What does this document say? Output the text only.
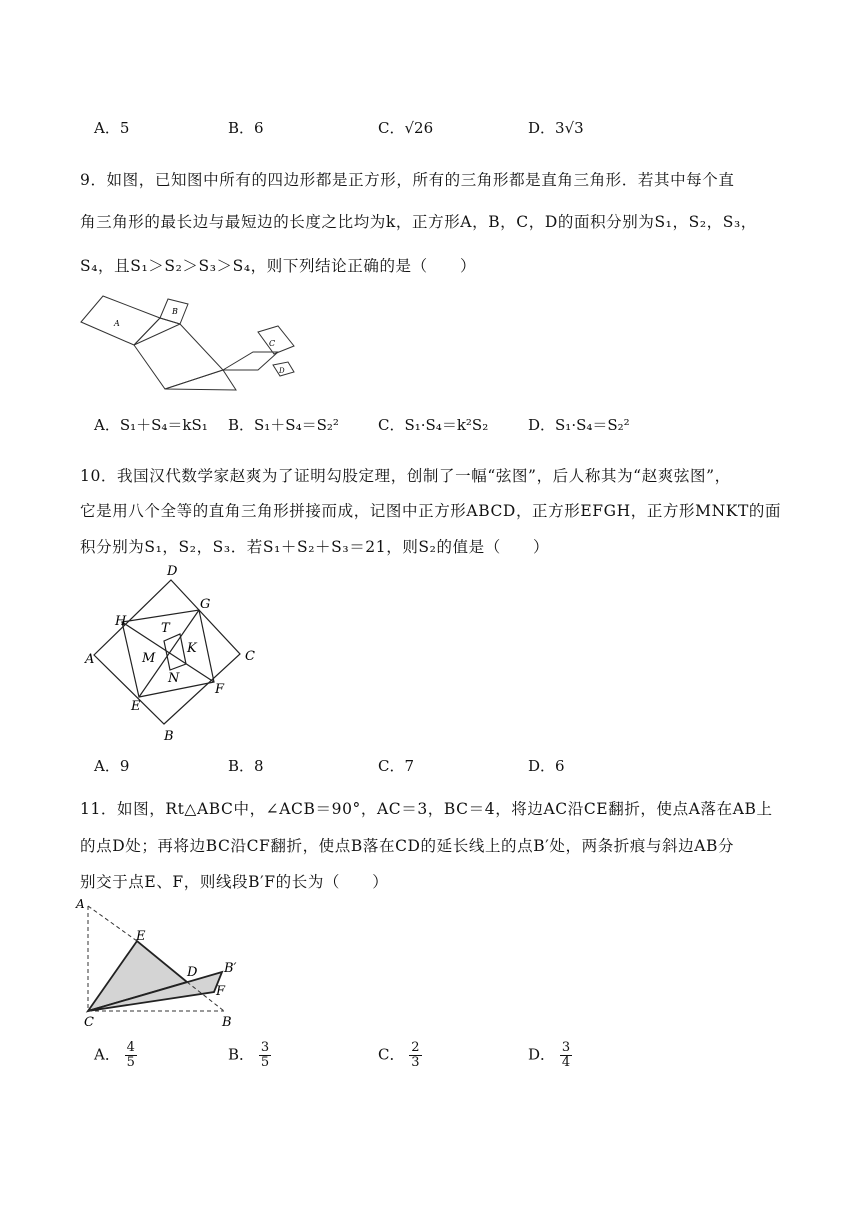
A．5	B．6	C．√26	D．3√3
9．如图，已知图中所有的四边形都是正方形，所有的三角形都是直角三角形．若其中每个直
角三角形的最长边与最短边的长度之比均为k，正方形A，B，C，D的面积分别为S₁，S₂，S₃，
S₄，且S₁＞S₂＞S₃＞S₄，则下列结论正确的是（　　）
A
B
C
D
A．S₁＋S₄＝kS₁ B．S₁＋S₄＝S₂²	C．S₁·S₄＝k²S₂	D．S₁·S₄＝S₂²
10．我国汉代数学家赵爽为了证明勾股定理，创制了一幅“弦图”，后人称其为“赵爽弦图”，
它是用八个全等的直角三角形拼接而成，记图中正方形ABCD，正方形EFGH，正方形MNKT的面
积分别为S₁，S₂，S₃．若S₁＋S₂＋S₃＝21，则S₂的值是（　　）
D
G
H	T
A
K
C
M
N
F
E
B
A．9	B．8	C．7	D．6
11．如图，Rt△ABC中，∠ACB＝90°，AC＝3，BC＝4，将边AC沿CE翻折，使点A落在AB上
的点D处；再将边BC沿CF翻折，使点B落在CD的延长线上的点B′处，两条折痕与斜边AB分
别交于点E、F，则线段B′F的长为（　　）
A
E
D B′
F
C	B
A． $\frac{4}{5}$	B． $\frac{3}{5}$	C． $\frac{2}{3}$	D． $\frac{3}{4}$
